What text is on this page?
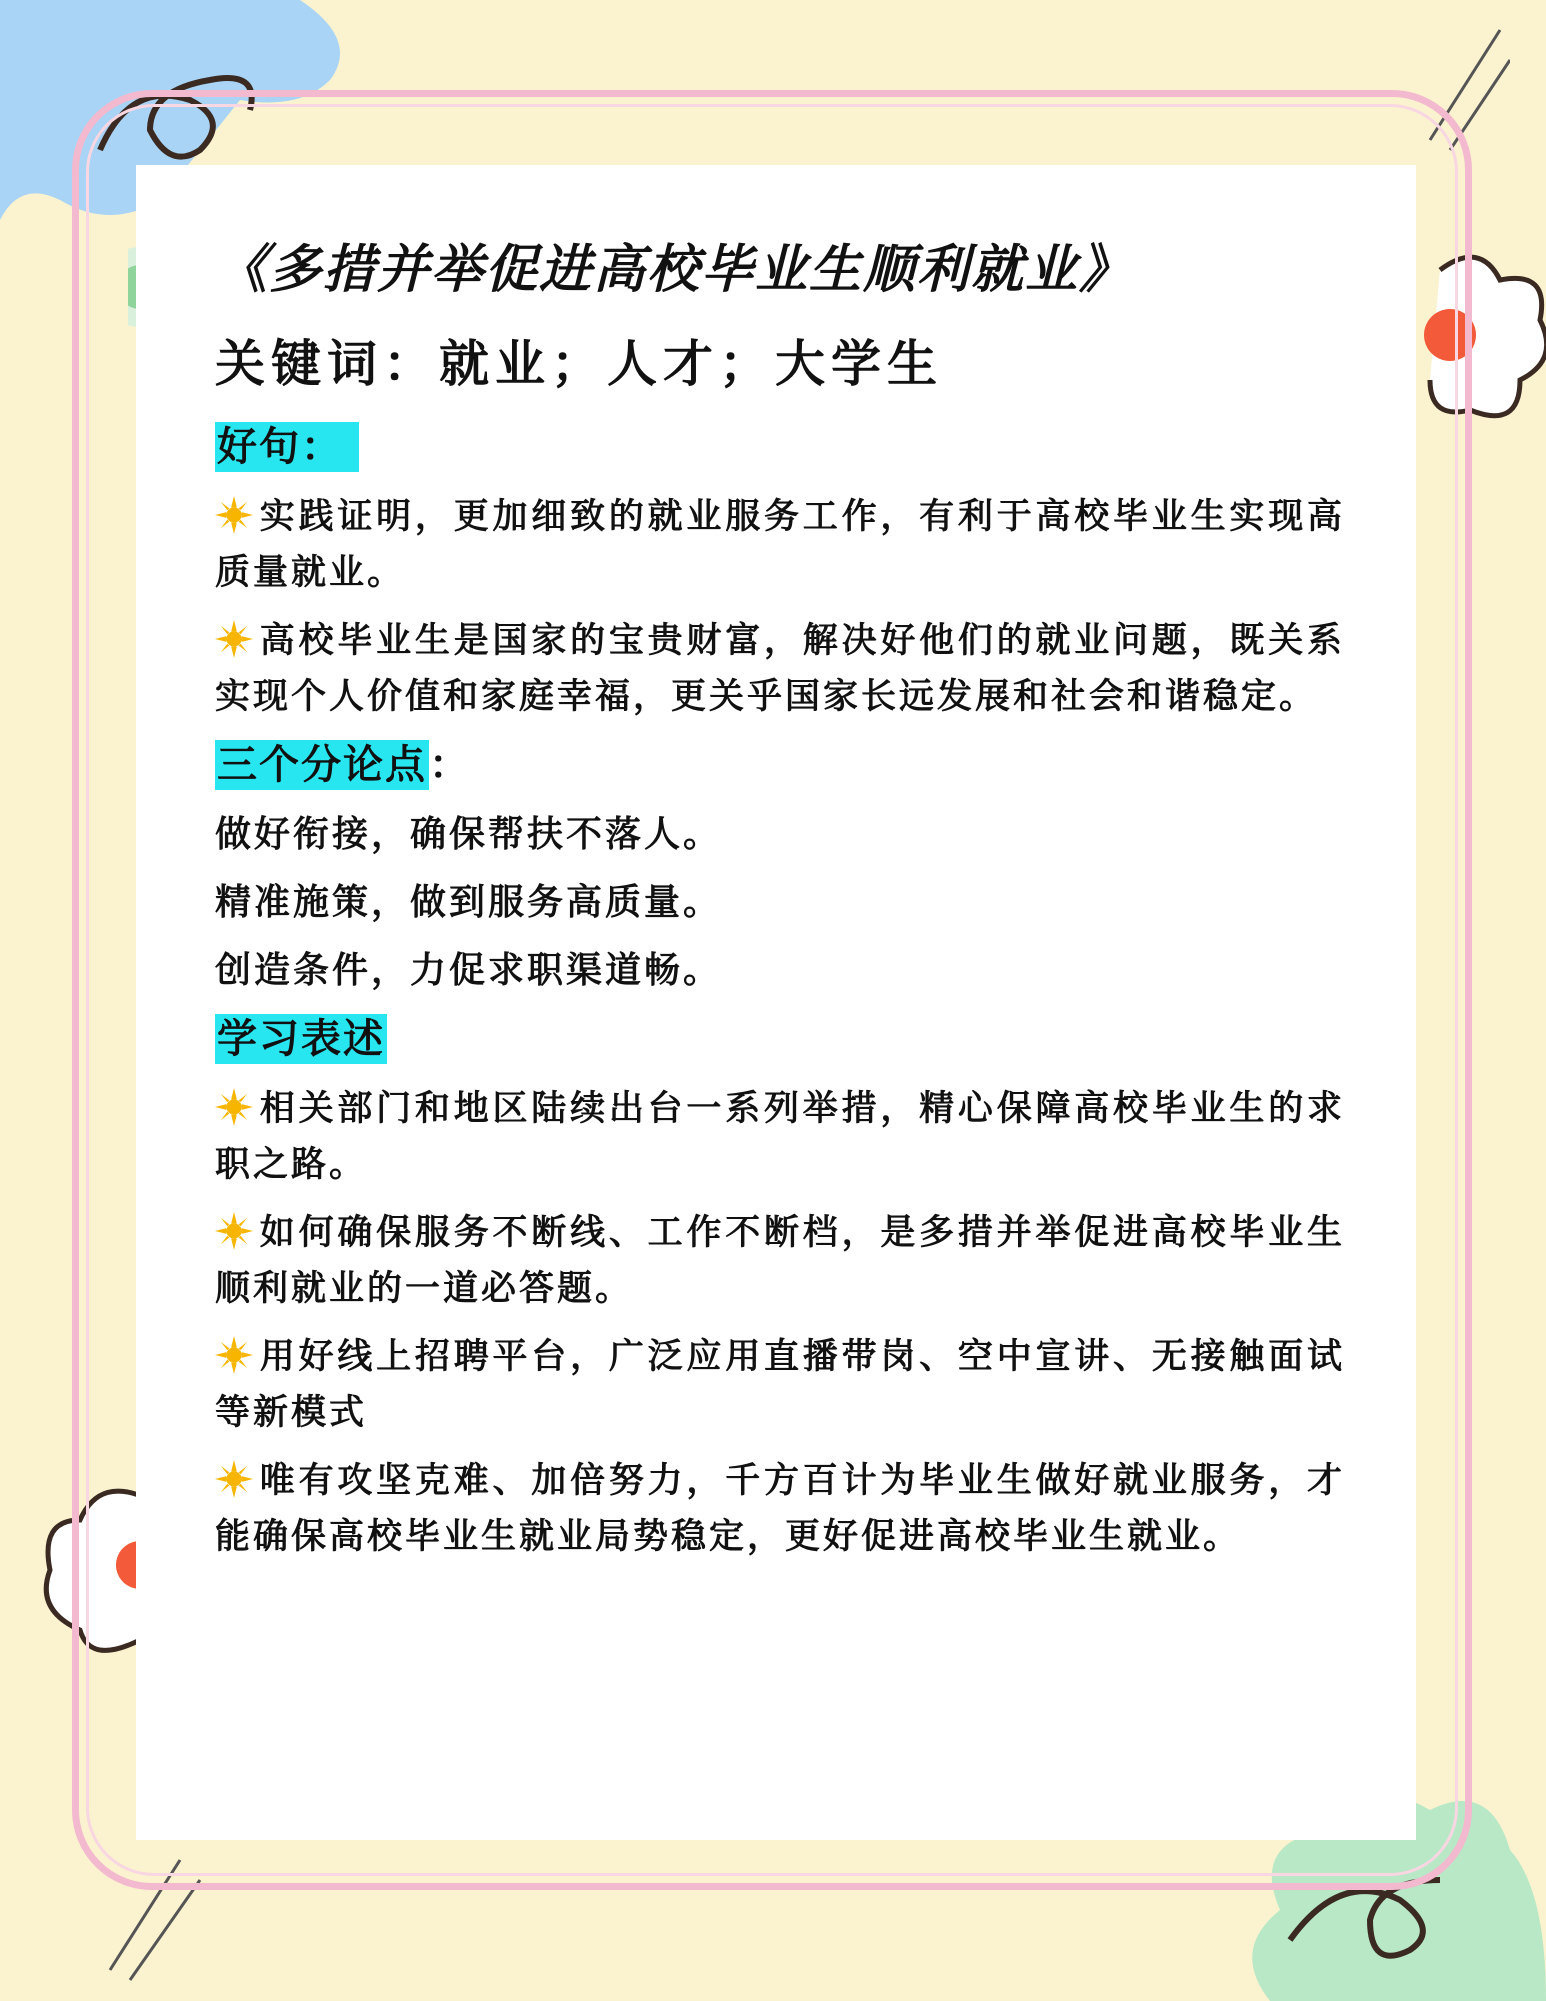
《多措并举促进高校毕业生顺利就业》
关键词：就业；人才；大学生
好句：
实践证明，更加细致的就业服务工作，有利于高校毕业生实现高质量就业。
高校毕业生是国家的宝贵财富，解决好他们的就业问题，既关系实现个人价值和家庭幸福，更关乎国家长远发展和社会和谐稳定。
三个分论点：
做好衔接，确保帮扶不落人。
精准施策，做到服务高质量。
创造条件，力促求职渠道畅。
学习表述
相关部门和地区陆续出台一系列举措，精心保障高校毕业生的求职之路。
如何确保服务不断线、工作不断档，是多措并举促进高校毕业生顺利就业的一道必答题。
用好线上招聘平台，广泛应用直播带岗、空中宣讲、无接触面试等新模式
唯有攻坚克难、加倍努力，千方百计为毕业生做好就业服务，才能确保高校毕业生就业局势稳定，更好促进高校毕业生就业。
